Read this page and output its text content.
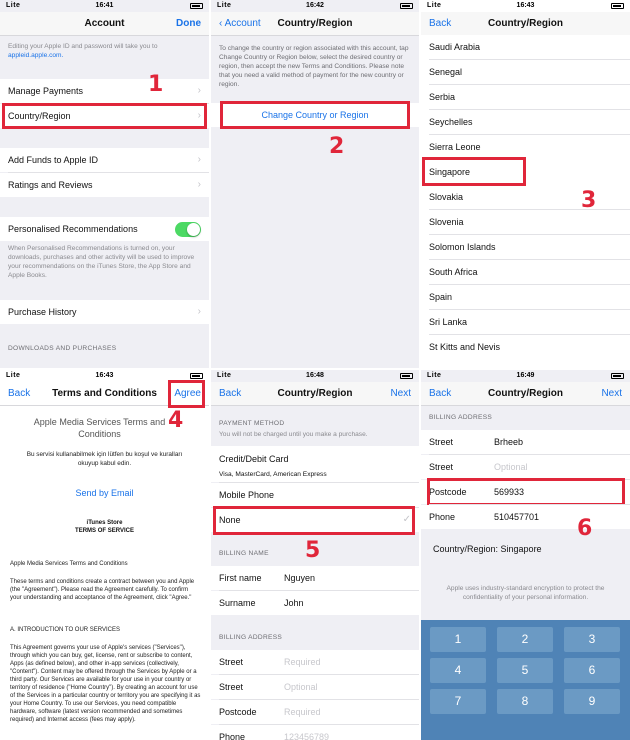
Lite	16:41
Account	Done
Editing your Apple ID and password will take you to
appleid.apple.com.
Manage Payments	›
Country/Region	›
1
Add Funds to Apple ID	›
Ratings and Reviews	›
Personalised Recommendations
When Personalised Recommendations is turned on, your downloads, purchases and other activity will be used to improve your recommendations on the iTunes Store, the App Store and Apple Books.
Purchase History	›
DOWNLOADS AND PURCHASES
Lite	16:42
‹ Account	Country/Region
To change the country or region associated with this account, tap Change Country or Region below, select the desired country or region, then accept the new Terms and Conditions. Please note that you need a valid method of payment for the new country or region.
Change Country or Region
2
Lite	16:43
Back	Country/Region
Saudi Arabia
Senegal
Serbia
Seychelles
Sierra Leone
Singapore
Slovakia
Slovenia
Solomon Islands
South Africa
Spain
Sri Lanka
St Kitts and Nevis
3
Lite	16:43
Back	Terms and Conditions	Agree
4
Apple Media Services Terms and Conditions
Bu servisi kullanabilmek için lütfen bu koşul ve kuralları okuyup kabul edin.
Send by Email
iTunes Store
TERMS OF SERVICE
Apple Media Services Terms and Conditions
These terms and conditions create a contract between you and Apple (the "Agreement"). Please read the Agreement carefully. To confirm your understanding and acceptance of the Agreement, click "Agree."
A. INTRODUCTION TO OUR SERVICES
This Agreement governs your use of Apple's services ("Services"), through which you can buy, get, license, rent or subscribe to content, Apps (as defined below), and other in-app services (collectively, "Content"). Content may be offered through the Services by Apple or a third party. Our Services are available for your use in your country or territory of residence ("Home Country"). By creating an account for use of the Services in a particular country or territory you are specifying it as your Home Country. To use our Services, you need compatible hardware, software (latest version recommended and sometimes required) and Internet access (fees may apply).
Lite	16:48
Back	Country/Region	Next
PAYMENT METHOD
You will not be charged until you make a purchase.
Credit/Debit Card
Visa, MasterCard, American Express
Mobile Phone
None	✓
5
BILLING NAME
First name Nguyen
Surname	John
BILLING ADDRESS
Street	Required
Street	Optional
Postcode	Required
Phone	123456789
Lite	16:49
Back	Country/Region	Next
BILLING ADDRESS
Street	Brheeb
Street	Optional
Postcode	569933
Phone	510457701 6
Country/Region: Singapore
Apple uses industry-standard encryption to protect the confidentiality of your personal information.
1	2	3
4	5	6
7	8	9
